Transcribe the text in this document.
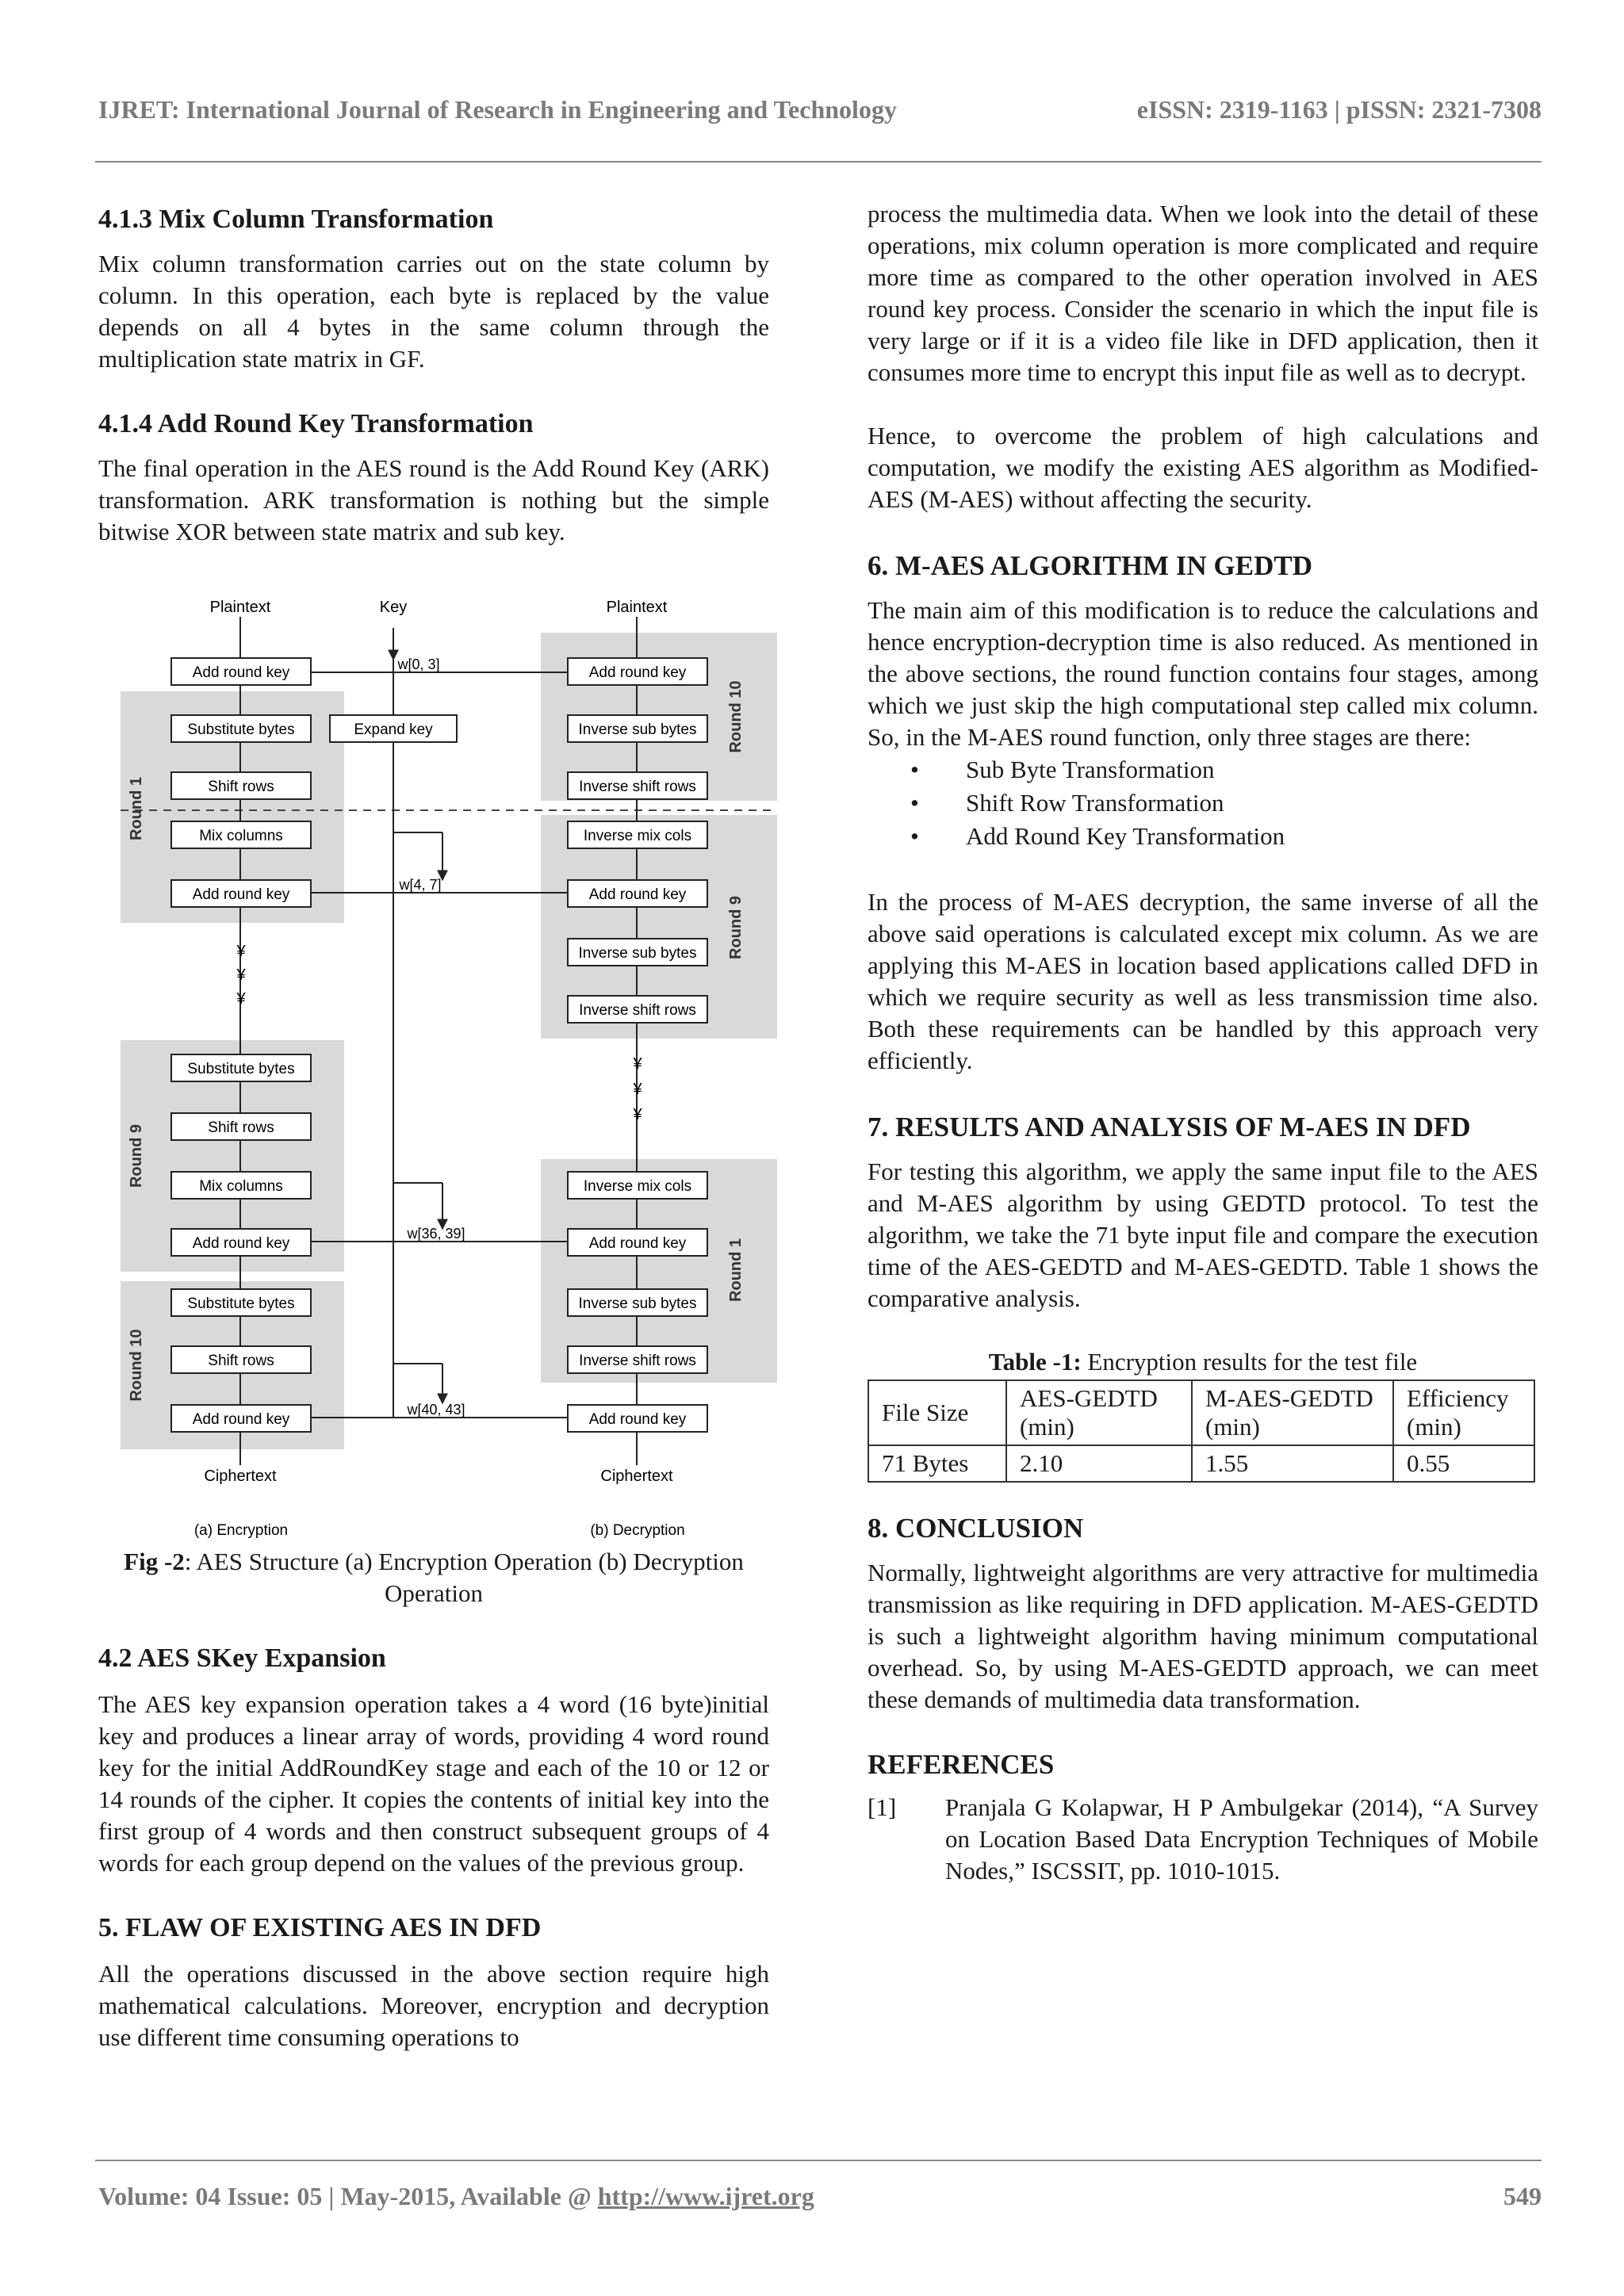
IJRET: International Journal of Research in Engineering and Technology	eISSN: 2319-1163 | pISSN: 2321-7308
4.1.3 Mix Column Transformation

Mix column transformation carries out on the state column by column. In this operation, each byte is replaced by the value depends on all 4 bytes in the same column through the multiplication state matrix in GF.

4.1.4 Add Round Key Transformation

The final operation in the AES round is the Add Round Key (ARK) transformation. ARK transformation is nothing but the simple bitwise XOR between state matrix and sub key.

Plaintext	Key	Plaintext
Add round key
Substitute bytes
Shift rows
Mix columns
Add round key
¥
¥
¥
Substitute bytes
Shift rows
Mix columns
Add round key
Substitute bytes
Shift rows
Add round key
Ciphertext
Expand key
w[0, 3]
w[4, 7]
w[36, 39]
w[40, 43]
Add round key
Inverse sub bytes
Inverse shift rows
Inverse mix cols
Add round key
Inverse sub bytes
Inverse shift rows
¥
¥
¥
Inverse mix cols
Add round key
Inverse sub bytes
Inverse shift rows
Add round key
Ciphertext
Round 1
Round 9
Round 10
Round 10
Round 9
Round 1
(a) Encryption	(b) Decryption
Fig -2: AES Structure (a) Encryption Operation (b) Decryption Operation
4.2 AES SKey Expansion

The AES key expansion operation takes a 4 word (16 byte)initial key and produces a linear array of words, providing 4 word round key for the initial AddRoundKey stage and each of the 10 or 12 or 14 rounds of the cipher. It copies the contents of initial key into the first group of 4 words and then construct subsequent groups of 4 words for each group depend on the values of the previous group.

5. FLAW OF EXISTING AES IN DFD

All the operations discussed in the above section require high mathematical calculations. Moreover, encryption and decryption use different time consuming operations to

process the multimedia data. When we look into the detail of these operations, mix column operation is more complicated and require more time as compared to the other operation involved in AES round key process. Consider the scenario in which the input file is very large or if it is a video file like in DFD application, then it consumes more time to encrypt this input file as well as to decrypt.

Hence, to overcome the problem of high calculations and computation, we modify the existing AES algorithm as Modified-AES (M-AES) without affecting the security.

6. M-AES ALGORITHM IN GEDTD

The main aim of this modification is to reduce the calculations and hence encryption-decryption time is also reduced. As mentioned in the above sections, the round function contains four stages, among which we just skip the high computational step called mix column. So, in the M-AES round function, only three stages are there:

• Sub Byte Transformation
• Shift Row Transformation
• Add Round Key Transformation

In the process of M-AES decryption, the same inverse of all the above said operations is calculated except mix column. As we are applying this M-AES in location based applications called DFD in which we require security as well as less transmission time also. Both these requirements can be handled by this approach very efficiently.

7. RESULTS AND ANALYSIS OF M-AES IN DFD

For testing this algorithm, we apply the same input file to the AES and M-AES algorithm by using GEDTD protocol. To test the algorithm, we take the 71 byte input file and compare the execution time of the AES-GEDTD and M-AES-GEDTD. Table 1 shows the comparative analysis.

Table -1: Encryption results for the test file
File Size	AES-GEDTD (min)	M-AES-GEDTD (min)	Efficiency (min)
71 Bytes	2.10	1.55	0.55
8. CONCLUSION

Normally, lightweight algorithms are very attractive for multimedia transmission as like requiring in DFD application. M-AES-GEDTD is such a lightweight algorithm having minimum computational overhead. So, by using M-AES-GEDTD approach, we can meet these demands of multimedia data transformation.

REFERENCES
[1] Pranjala G Kolapwar, H P Ambulgekar (2014), “A Survey on Location Based Data Encryption Techniques of Mobile Nodes,” ISCSSIT, pp. 1010-1015.
Volume: 04 Issue: 05 | May-2015, Available @ http://www.ijret.org	549
